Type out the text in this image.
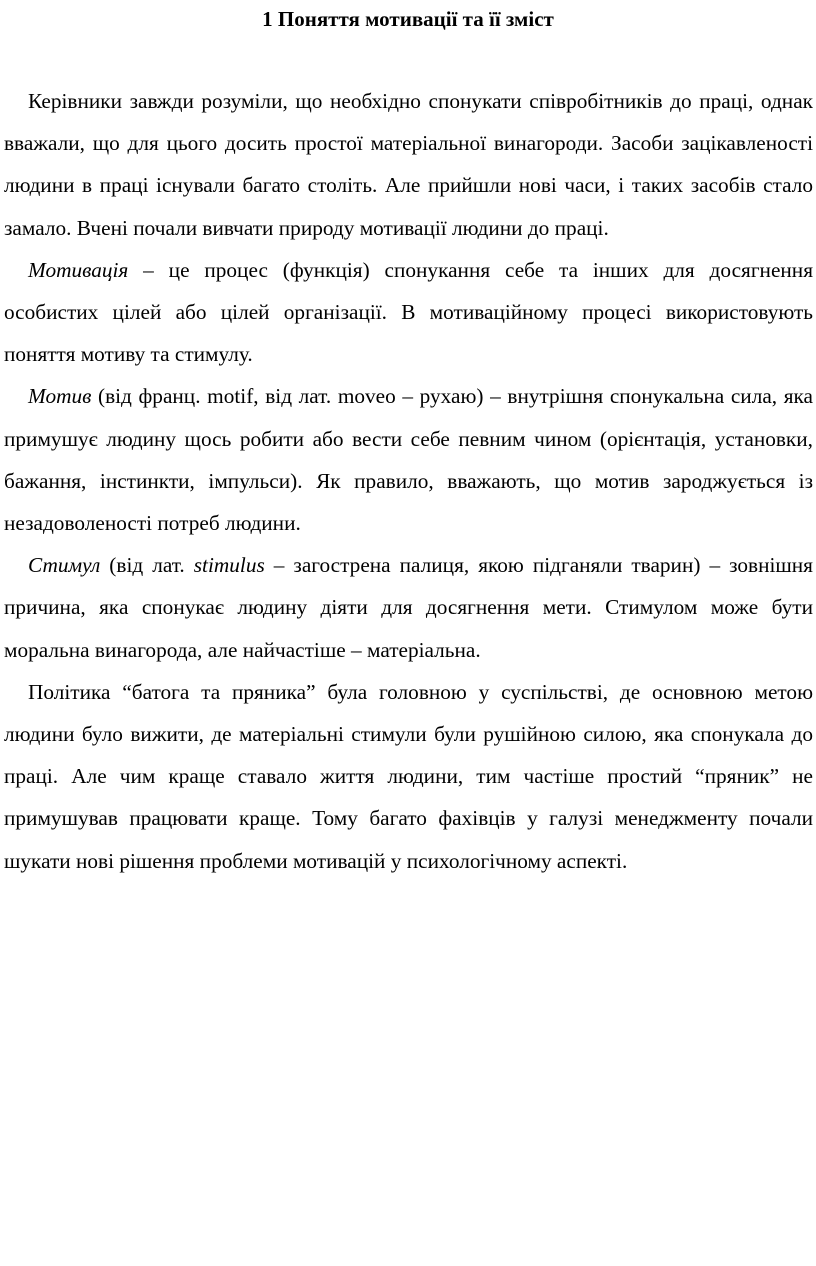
1 Поняття мотивації та її зміст

Керівники завжди розуміли, що необхідно спонукати співробітників до праці, однак вважали, що для цього досить простої матеріальної винагороди. Засоби зацікавленості людини в праці існували багато століть. Але прийшли нові часи, і таких засобів стало замало. Вчені почали вивчати природу мотивації людини до праці.

Мотивація – це процес (функція) спонукання себе та інших для досягнення особистих цілей або цілей організації. В мотиваційному процесі використовують поняття мотиву та стимулу.

Мотив (від франц. motif, від лат. moveo – рухаю) – внутрішня спонукальна сила, яка примушує людину щось робити або вести себе певним чином (орієнтація, установки, бажання, інстинкти, імпульси). Як правило, вважають, що мотив зароджується із незадоволеності потреб людини.

Стимул (від лат. stimulus – загострена палиця, якою підганяли тварин) – зовнішня причина, яка спонукає людину діяти для досягнення мети. Стимулом може бути моральна винагорода, але найчастіше – матеріальна.

Політика “батога та пряника” була головною у суспільстві, де основною метою людини було вижити, де матеріальні стимули були рушійною силою, яка спонукала до праці. Але чим краще ставало життя людини, тим частіше простий “пряник” не примушував працювати краще. Тому багато фахівців у галузі менеджменту почали шукати нові рішення проблеми мотивацій у психологічному аспекті.
